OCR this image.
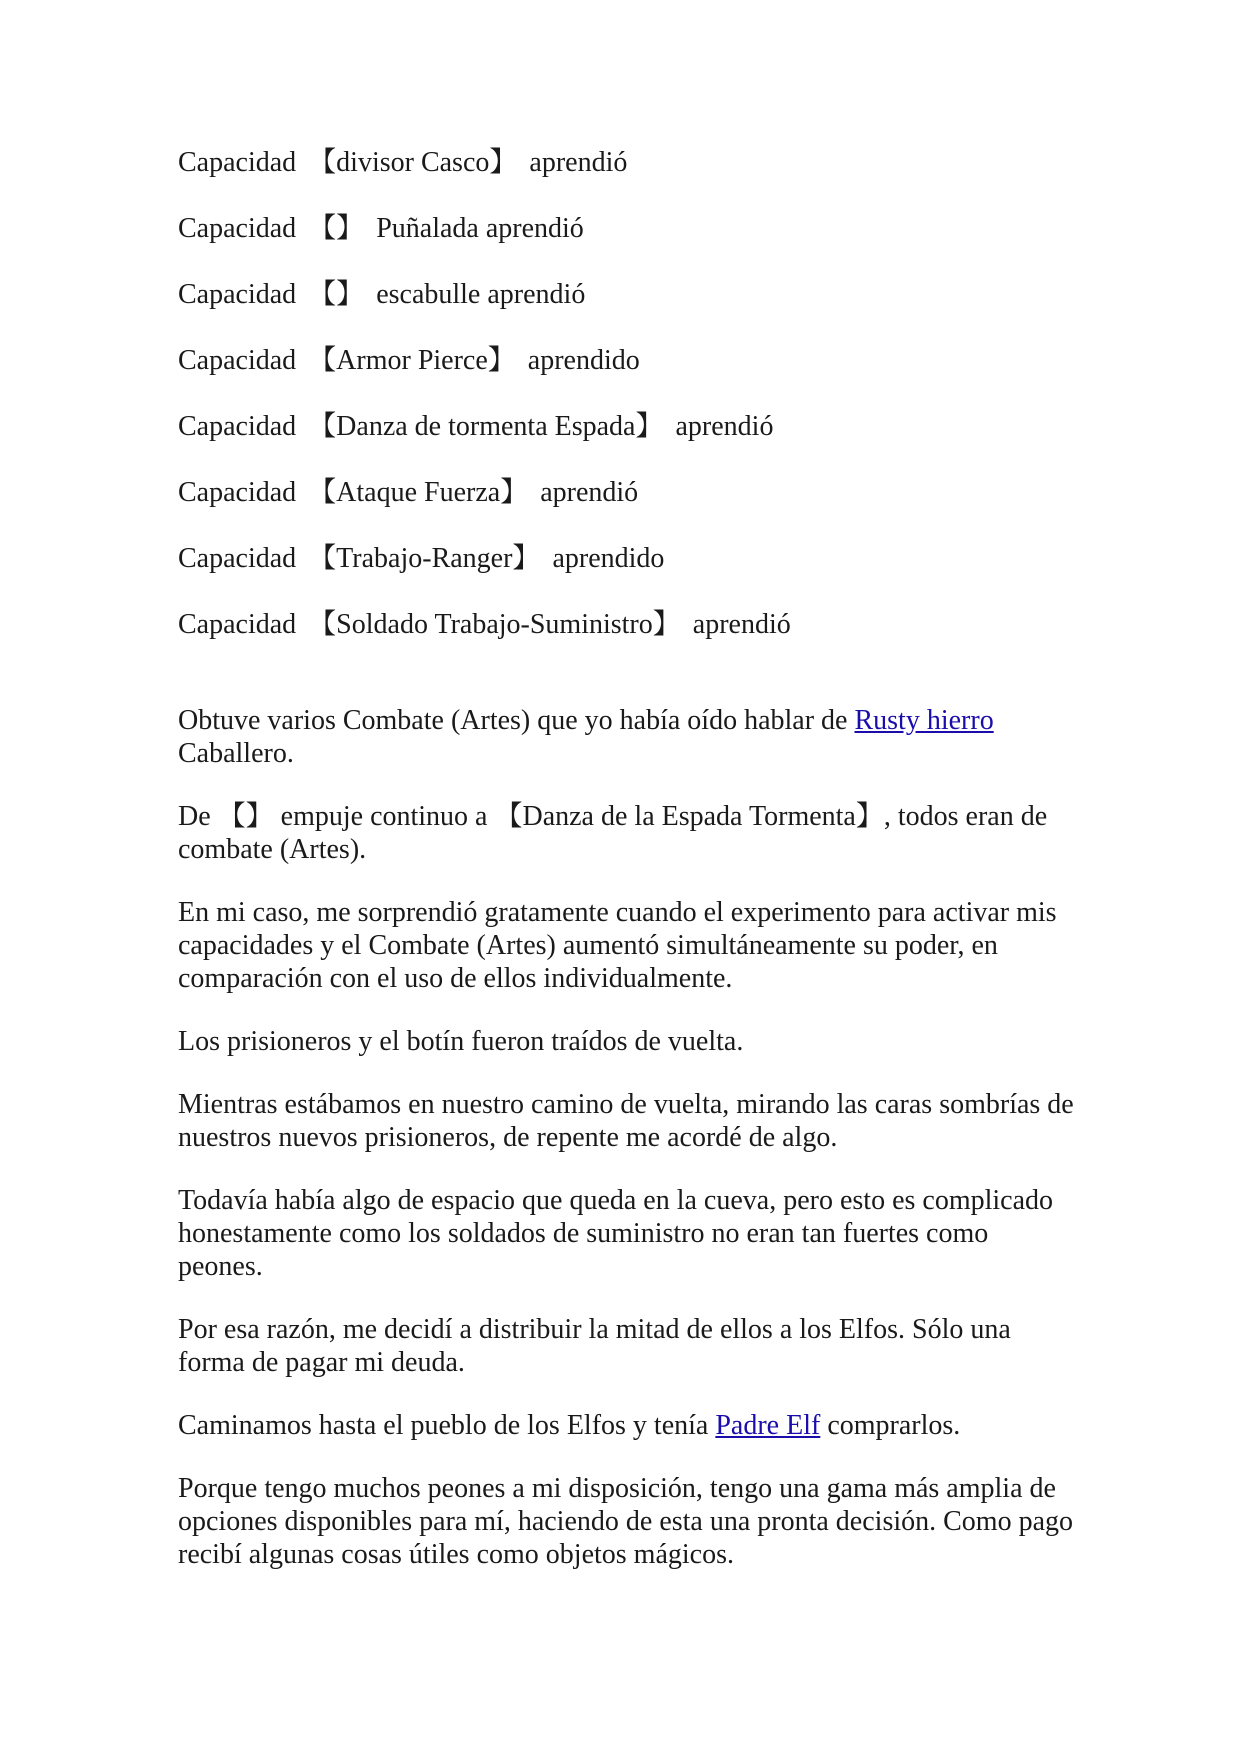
Capacidad 【divisor Casco】 aprendió
Capacidad 【】 Puñalada aprendió
Capacidad 【】 escabulle aprendió
Capacidad 【Armor Pierce】 aprendido
Capacidad 【Danza de tormenta Espada】 aprendió
Capacidad 【Ataque Fuerza】 aprendió
Capacidad 【Trabajo-Ranger】 aprendido
Capacidad 【Soldado Trabajo-Suministro】 aprendió

Obtuve varios Combate (Artes) que yo había oído hablar de Rusty hierro Caballero.

De 【】 empuje continuo a 【Danza de la Espada Tormenta】, todos eran de combate (Artes).

En mi caso, me sorprendió gratamente cuando el experimento para activar mis capacidades y el Combate (Artes) aumentó simultáneamente su poder, en comparación con el uso de ellos individualmente.

Los prisioneros y el botín fueron traídos de vuelta.

Mientras estábamos en nuestro camino de vuelta, mirando las caras sombrías de nuestros nuevos prisioneros, de repente me acordé de algo.

Todavía había algo de espacio que queda en la cueva, pero esto es complicado honestamente como los soldados de suministro no eran tan fuertes como peones.

Por esa razón, me decidí a distribuir la mitad de ellos a los Elfos. Sólo una forma de pagar mi deuda.

Caminamos hasta el pueblo de los Elfos y tenía Padre Elf comprarlos.

Porque tengo muchos peones a mi disposición, tengo una gama más amplia de opciones disponibles para mí, haciendo de esta una pronta decisión. Como pago recibí algunas cosas útiles como objetos mágicos.
